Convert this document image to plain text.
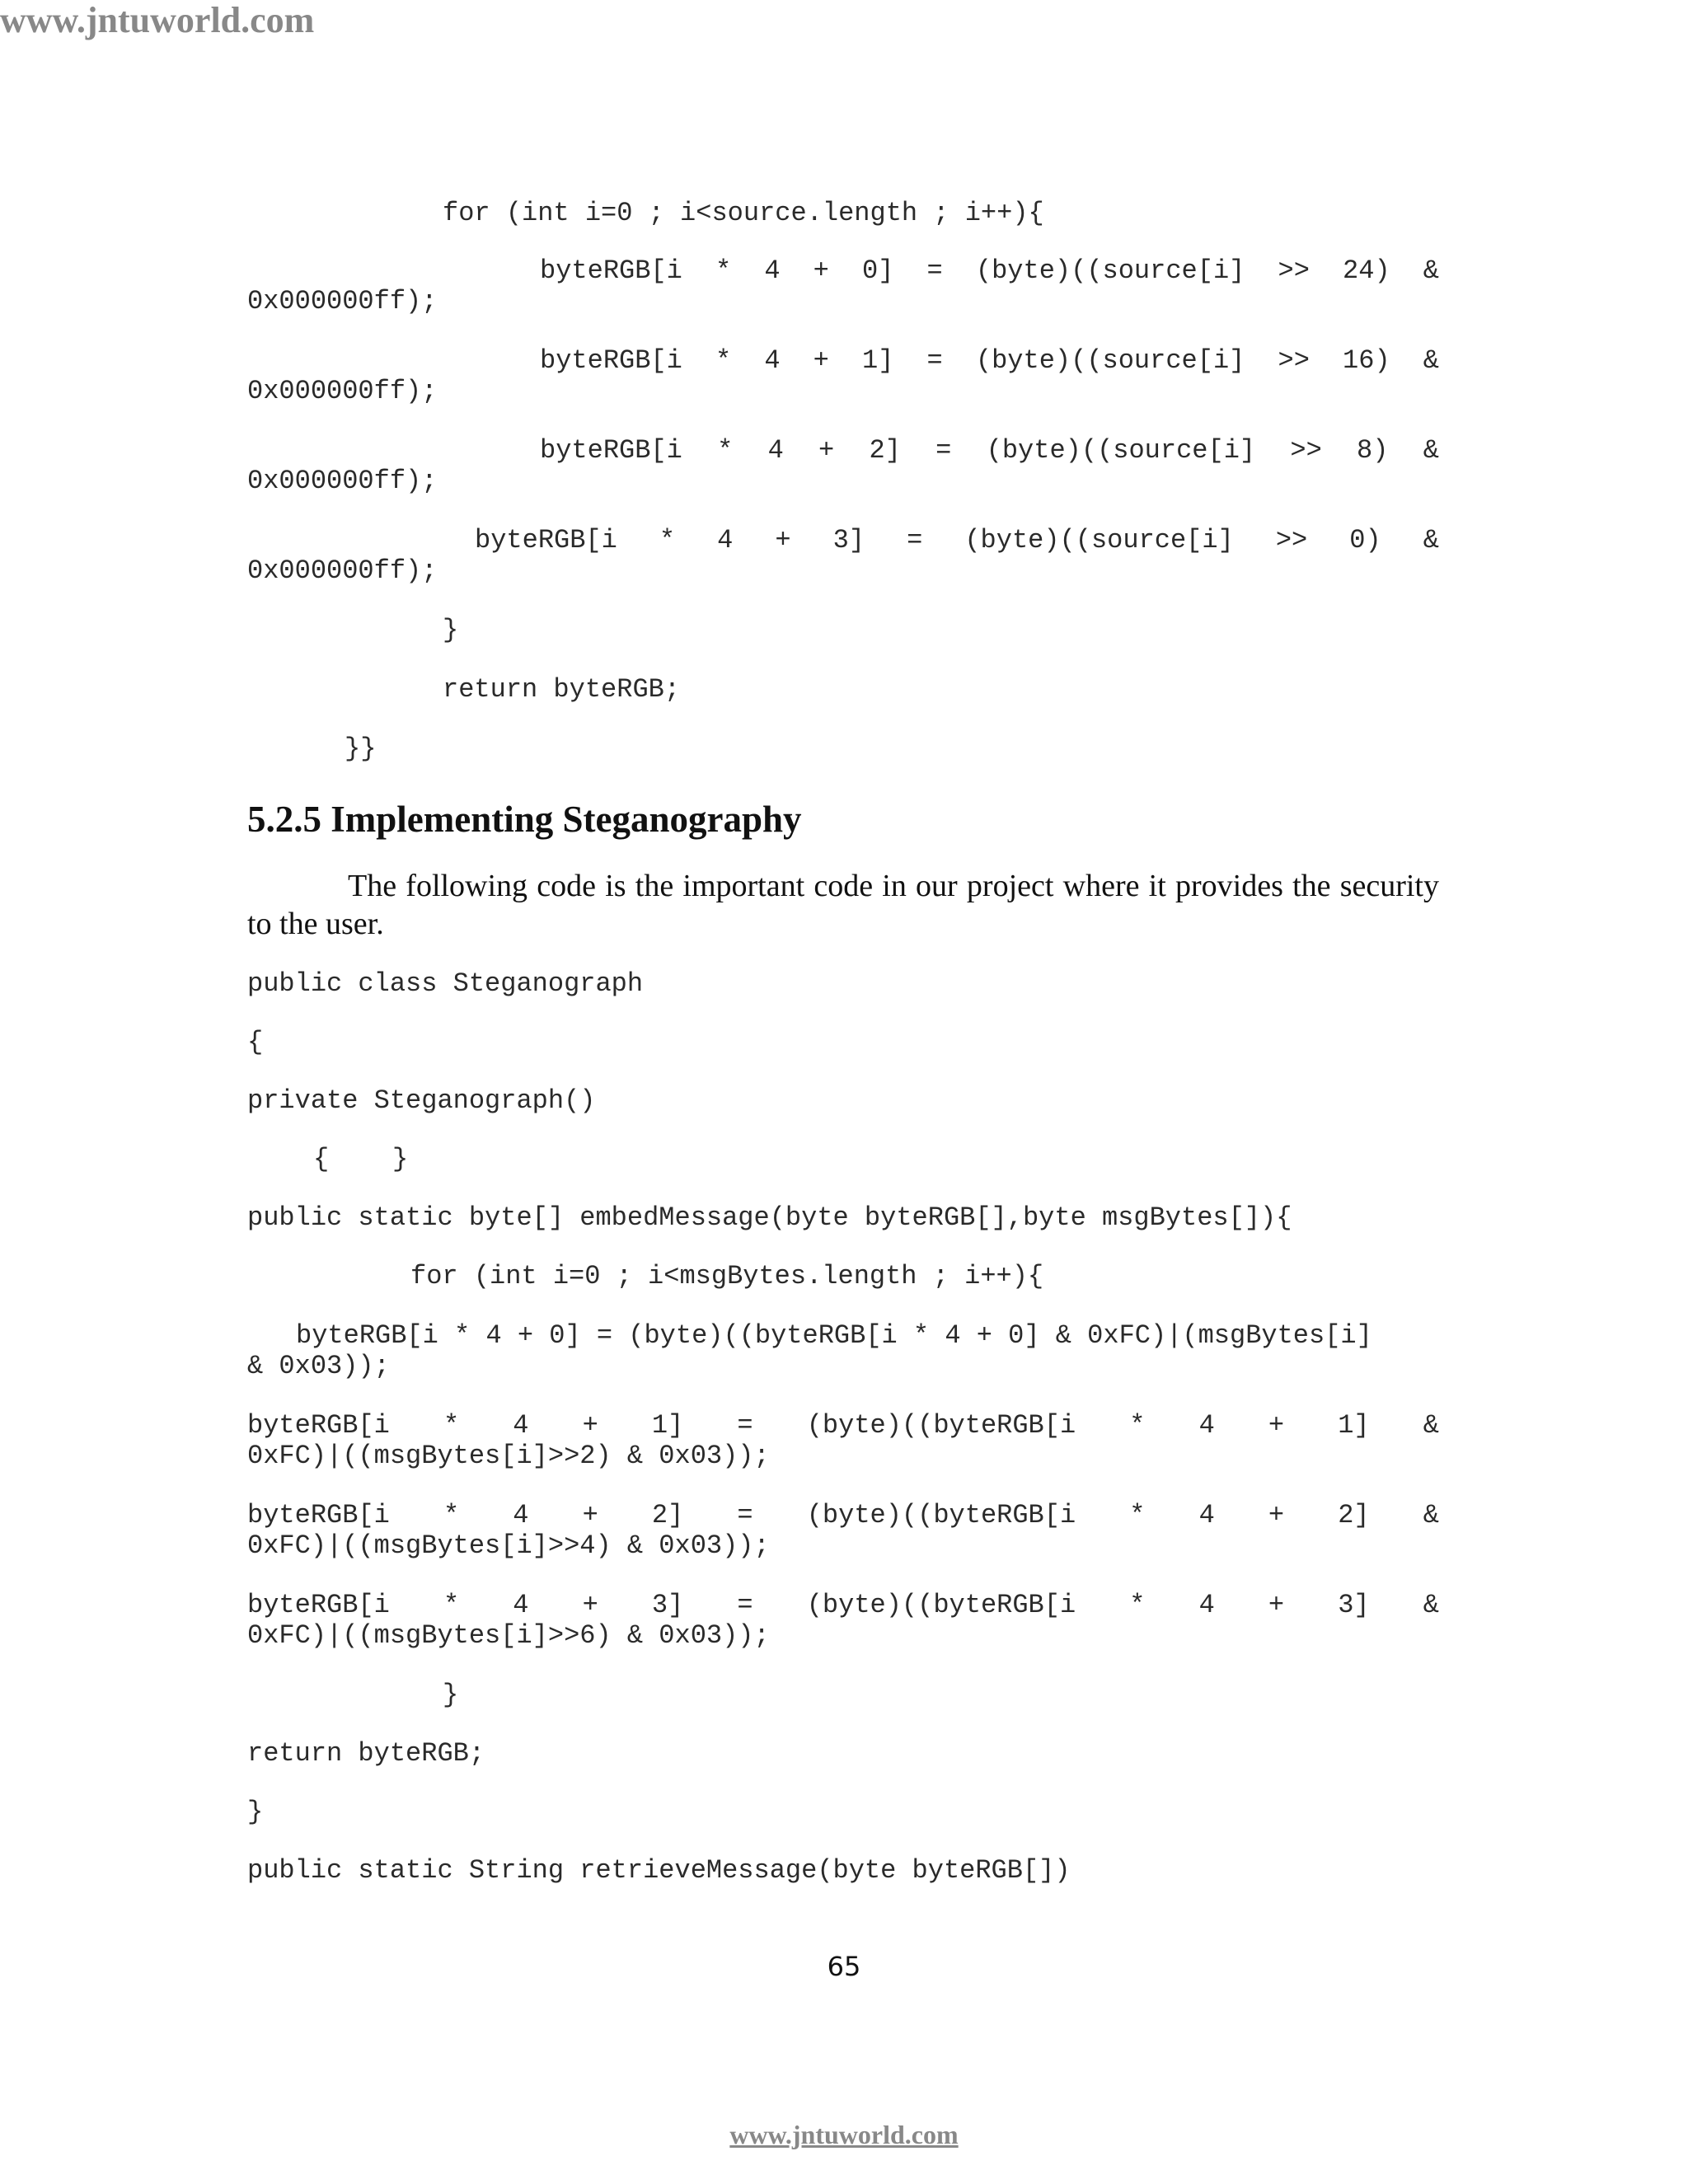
www.jntuworld.com
for (int i=0 ; i<source.length ; i++){
byteRGB[i * 4 + 0] = (byte)((source[i] >> 24) &
0x000000ff);
byteRGB[i * 4 + 1] = (byte)((source[i] >> 16) &
0x000000ff);
byteRGB[i * 4 + 2] = (byte)((source[i] >> 8) &
0x000000ff);
byteRGB[i * 4 + 3] = (byte)((source[i] >> 0) &
0x000000ff);
}
return byteRGB;
}}
5.2.5 Implementing Steganography

The following code is the important code in our project where it provides the security to the user.

public class Steganograph
{
private Steganograph()
{    }
public static byte[] embedMessage(byte byteRGB[],byte msgBytes[]){
for (int i=0 ; i<msgBytes.length ; i++){
byteRGB[i * 4 + 0] = (byte)((byteRGB[i * 4 + 0] & 0xFC)|(msgBytes[i]
& 0x03));
byteRGB[i * 4 + 1] = (byte)((byteRGB[i * 4 + 1] &
0xFC)|((msgBytes[i]>>2) & 0x03));
byteRGB[i * 4 + 2] = (byte)((byteRGB[i * 4 + 2] &
0xFC)|((msgBytes[i]>>4) & 0x03));
byteRGB[i * 4 + 3] = (byte)((byteRGB[i * 4 + 3] &
0xFC)|((msgBytes[i]>>6) & 0x03));
}
return byteRGB;
}
public static String retrieveMessage(byte byteRGB[])
65
www.jntuworld.com
